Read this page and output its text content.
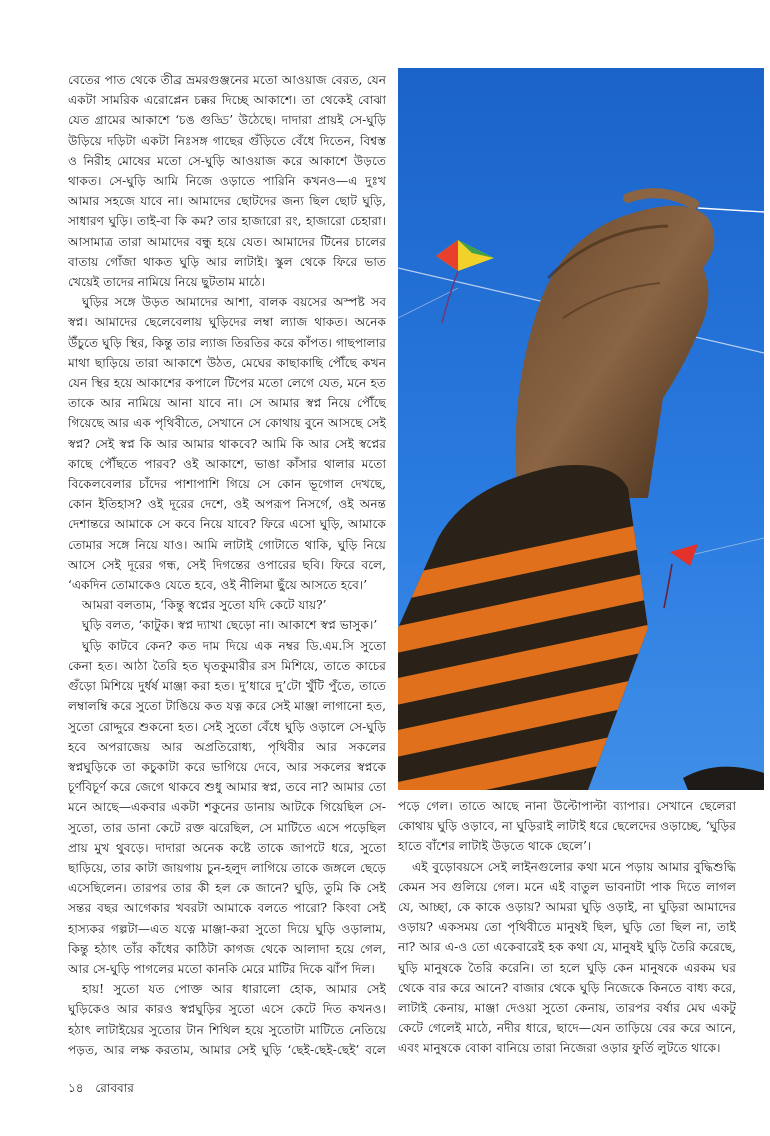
বেতের পাত থেকে তীব্র ভ্রমরগুঞ্জনের মতো আওয়াজ বেরত, যেন একটা সামরিক এরোপ্লেন চক্কর দিচ্ছে আকাশে। তা থেকেই বোঝা যেত গ্রামের আকাশে ‘চঙ গুড্ডি’ উঠেছে। দাদারা প্রায়ই সে-ঘুড়ি উড়িয়ে দড়িটা একটা নিঃসঙ্গ গাছের গুঁড়িতে বেঁধে দিতেন, বিশ্বস্ত ও নিরীহ মোষের মতো সে-ঘুড়ি আওয়াজ করে আকাশে উড়তে থাকত। সে-ঘুড়ি আমি নিজে ওড়াতে পারিনি কখনও—এ দুঃখ আমার সহজে যাবে না। আমাদের ছোটদের জন্য ছিল ছোট ঘুড়ি, সাধারণ ঘুড়ি। তাই-বা কি কম? তার হাজারো রং, হাজারো চেহারা। আসামাত্র তারা আমাদের বন্ধু হয়ে যেত। আমাদের টিনের চালের বাতায় গোঁজা থাকত ঘুড়ি আর লাটাই। স্কুল থেকে ফিরে ভাত খেয়েই তাদের নামিয়ে নিয়ে ছুটতাম মাঠে।

ঘুড়ির সঙ্গে উড়ত আমাদের আশা, বালক বয়সের অস্পষ্ট সব স্বপ্ন। আমাদের ছেলেবেলায় ঘুড়িদের লম্বা ল্যাজ থাকত। অনেক উঁচুতে ঘুড়ি স্থির, কিন্তু তার ল্যাজ তিরতির করে কাঁপত। গাছপালার মাথা ছাড়িয়ে তারা আকাশে উঠত, মেঘের কাছাকাছি পৌঁছে কখন যেন স্থির হয়ে আকাশের কপালে টিপের মতো লেগে যেত, মনে হত তাকে আর নামিয়ে আনা যাবে না। সে আমার স্বপ্ন নিয়ে পৌঁছে গিয়েছে আর এক পৃথিবীতে, সেখানে সে কোথায় বুনে আসছে সেই স্বপ্ন? সেই স্বপ্ন কি আর আমার থাকবে? আমি কি আর সেই স্বপ্নের কাছে পৌঁছতে পারব? ওই আকাশে, ভাঙা কাঁসার থালার মতো বিকেলবেলার চাঁদের পাশাপাশি গিয়ে সে কোন ভূগোল দেখছে, কোন ইতিহাস? ওই দূরের দেশে, ওই অপরূপ নিসর্গে, ওই অনন্ত দেশান্তরে আমাকে সে কবে নিয়ে যাবে? ফিরে এসো ঘুড়ি, আমাকে তোমার সঙ্গে নিয়ে যাও। আমি লাটাই গোটাতে থাকি, ঘুড়ি নিয়ে আসে সেই দূরের গন্ধ, সেই দিগন্তের ওপারের ছবি। ফিরে বলে, ‘একদিন তোমাকেও যেতে হবে, ওই নীলিমা ছুঁয়ে আসতে হবে।’

আমরা বলতাম, ‘কিন্তু স্বপ্নের সুতো যদি কেটে যায়?’

ঘুড়ি বলত, ‘কাটুক। স্বপ্ন দ্যাখা ছেড়ো না। আকাশে স্বপ্ন ভাসুক।’

ঘুড়ি কাটবে কেন? কত দাম দিয়ে এক নম্বর ডি.এম.সি সুতো কেনা হত। আঠা তৈরি হত ঘৃতকুমারীর রস মিশিয়ে, তাতে কাচের গুঁড়ো মিশিয়ে দুর্ধর্ষ মাঞ্জা করা হত। দু’ধারে দু’টো খুঁটি পুঁতে, তাতে লম্বালম্বি করে সুতো টাঙিয়ে কত যত্ন করে সেই মাঞ্জা লাগানো হত, সুতো রোদ্দুরে শুকনো হত। সেই সুতো বেঁধে ঘুড়ি ওড়ালে সে-ঘুড়ি হবে অপরাজেয় আর অপ্রতিরোধ্য, পৃথিবীর আর সকলের স্বপ্নঘুড়িকে তা কচুকাটা করে ভাগিয়ে দেবে, আর সকলের স্বপ্নকে চূর্ণবিচূর্ণ করে জেগে থাকবে শুধু আমার স্বপ্ন, তবে না? আমার তো মনে আছে—একবার একটা শকুনের ডানায় আটকে গিয়েছিল সে-সুতো, তার ডানা কেটে রক্ত ঝরেছিল, সে মাটিতে এসে পড়েছিল প্রায় মুখ থুবড়ে। দাদারা অনেক কষ্টে তাকে জাপটে ধরে, সুতো ছাড়িয়ে, তার কাটা জায়গায় চুন-হলুদ লাগিয়ে তাকে জঙ্গলে ছেড়ে এসেছিলেন। তারপর তার কী হল কে জানে? ঘুড়ি, তুমি কি সেই সন্তর বছর আগেকার খবরটা আমাকে বলতে পারো? কিংবা সেই হাস্যকর গল্পটা—এত যত্নে মাঞ্জা-করা সুতো দিয়ে ঘুড়ি ওড়ালাম, কিন্তু হঠাৎ তাঁর কাঁধের কাঠিটা কাগজ থেকে আলাদা হয়ে গেল, আর সে-ঘুড়ি পাগলের মতো কানকি মেরে মাটির দিকে ঝাঁপ দিল।

হায়! সুতো যত পোক্ত আর ধারালো হোক, আমার সেই ঘুড়িকেও আর কারও স্বপ্নঘুড়ির সুতো এসে কেটে দিত কখনও। হঠাৎ লাটাইয়ের সুতোর টান শিথিল হয়ে সুতোটা মাটিতে নেতিয়ে পড়ত, আর লক্ষ করতাম, আমার সেই ঘুড়ি ‘ছেই-ছেই-ছেই’ বলে

পড়ে গেল। তাতে আছে নানা উল্টোপাল্টা ব্যাপার। সেখানে ছেলেরা কোথায় ঘুড়ি ওড়াবে, না ঘুড়িরাই লাটাই ধরে ছেলেদের ওড়াচ্ছে, ‘ঘুড়ির হাতে বাঁশের লাটাই উড়তে থাকে ছেলে’।

এই বুড়োবয়সে সেই লাইনগুলোর কথা মনে পড়ায় আমার বুদ্ধিশুদ্ধি কেমন সব গুলিয়ে গেল। মনে এই বাতুল ভাবনাটা পাক দিতে লাগল যে, আচ্ছা, কে কাকে ওড়ায়? আমরা ঘুড়ি ওড়াই, না ঘুড়িরা আমাদের ওড়ায়? একসময় তো পৃথিবীতে মানুষই ছিল, ঘুড়ি তো ছিল না, তাই না? আর এ-ও তো একেবারেই হক কথা যে, মানুষই ঘুড়ি তৈরি করেছে, ঘুড়ি মানুষকে তৈরি করেনি। তা হলে ঘুড়ি কেন মানুষকে এরকম ঘর থেকে বার করে আনে? বাজার থেকে ঘুড়ি নিজেকে কিনতে বাধ্য করে, লাটাই কেনায়, মাঞ্জা দেওয়া সুতো কেনায়, তারপর বর্ষার মেঘ একটু কেটে গেলেই মাঠে, নদীর ধারে, ছাদে—যেন তাড়িয়ে বের করে আনে, এবং মানুষকে বোকা বানিয়ে তারা নিজেরা ওড়ার ফুর্তি লুটতে থাকে।

১৪ রোববার
